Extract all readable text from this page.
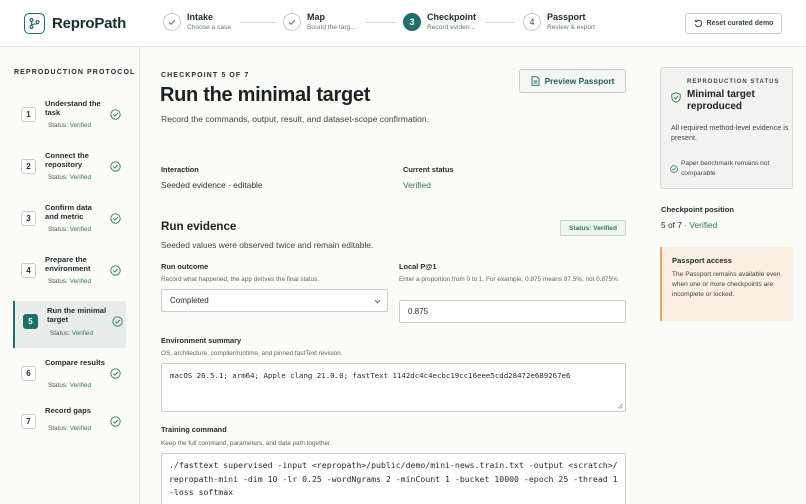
ReproPath	Intake
Choose a case
Map
Bound the targ...
3	Checkpoint
Record eviden...
4	Passport
Review & export
Reset curated demo
REPRODUCTION PROTOCOL
1
Understand the task
Status: Verified
2
Connect the repository
Status: Verified
3
Confirm data and metric
Status: Verified
4
Prepare the environment
Status: Verified
5
Run the minimal target
Status: Verified
6
Compare results
Status: Verified
7
Record gaps
Status: Verified
CHECKPOINT 5 OF 7
Run the minimal target
Record the commands, output, result, and dataset-scope confirmation.
Preview Passport
Interaction
Seeded evidence · editable
Current status
Verified
Run evidence
Seeded values were observed twice and remain editable.
Status: Verified
Run outcome
Record what happened; the app derives the final status.
Completed
Local P@1
Enter a proportion from 0 to 1. For example, 0.875 means 87.5%, not 0.875%.
0.875
Environment summary
OS, architecture, compiler/runtime, and pinned fastText revision.
macOS 26.5.1; arm64; Apple clang 21.0.0; fastText 1142dc4c4ecbc19cc16eee5cdd28472e689267e6
Training command
Keep the full command, parameters, and data path together.
./fasttext supervised -input <repropath>/public/demo/mini-news.train.txt -output <scratch>/repropath-mini -dim 10 -lr 0.25 -wordNgrams 2 -minCount 1 -bucket 10000 -epoch 25 -thread 1 -loss softmax
REPRODUCTION STATUS
Minimal target reproduced
All required method-level evidence is present.
Paper benchmark remains not comparable
Checkpoint position
5 of 7 · Verified
Passport access
The Passport remains available even when one or more checkpoints are incomplete or locked.
